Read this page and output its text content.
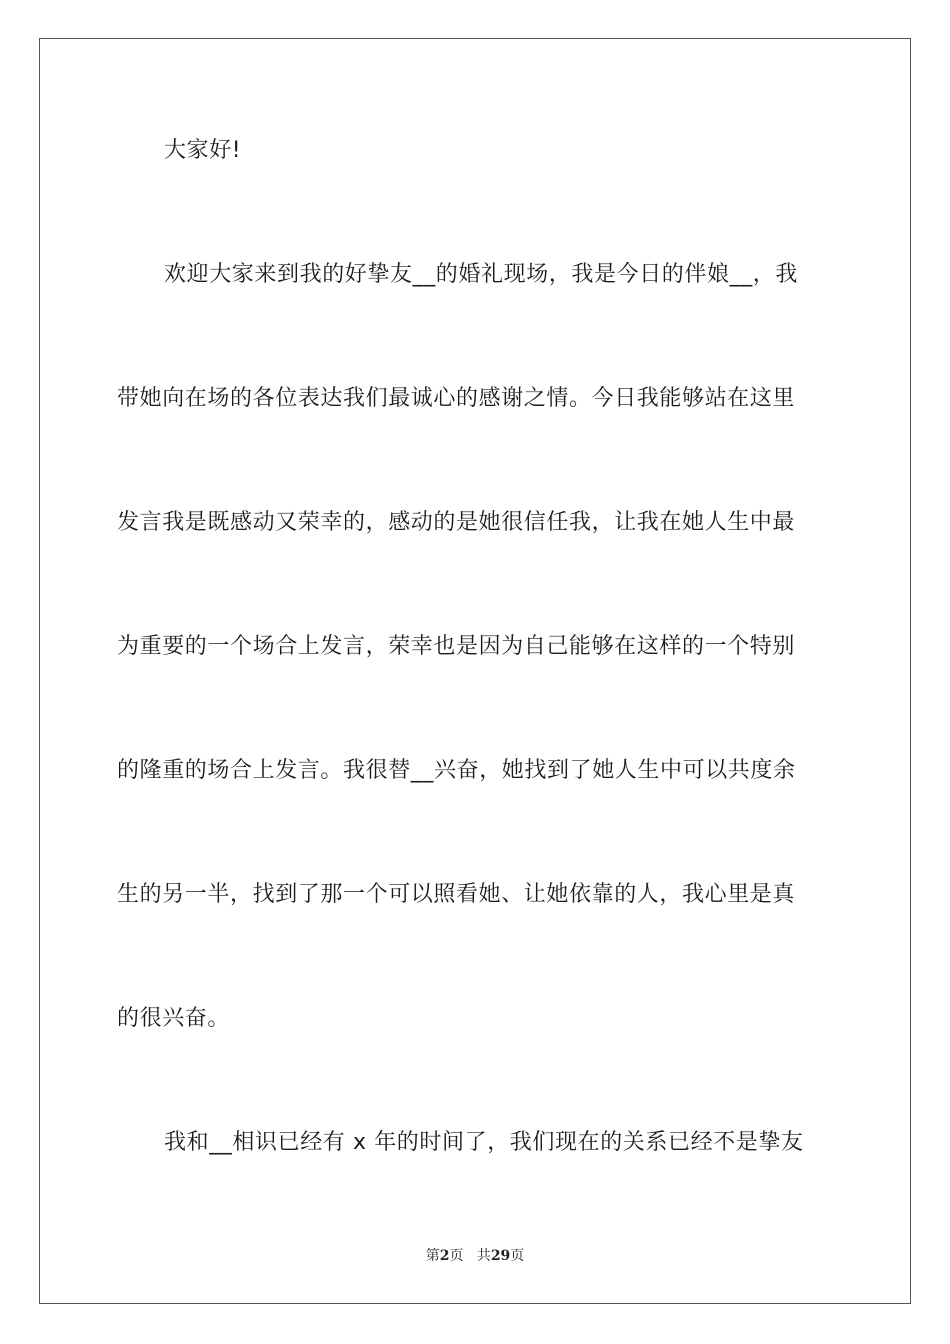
大家好!
欢迎大家来到我的好挚友__的婚礼现场，我是今日的伴娘__，我
带她向在场的各位表达我们最诚心的感谢之情。今日我能够站在这里
发言我是既感动又荣幸的，感动的是她很信任我，让我在她人生中最
为重要的一个场合上发言，荣幸也是因为自己能够在这样的一个特别
的隆重的场合上发言。我很替__兴奋，她找到了她人生中可以共度余
生的另一半，找到了那一个可以照看她、让她依靠的人，我心里是真
的很兴奋。
我和__相识已经有 x 年的时间了，我们现在的关系已经不是挚友
第2页 共29页
